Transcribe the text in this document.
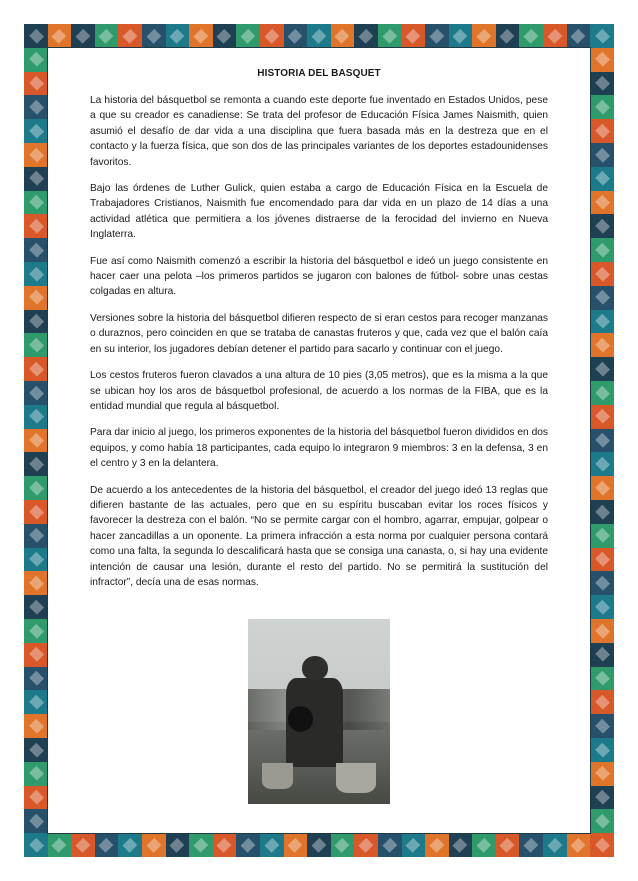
HISTORIA DEL BASQUET

La historia del básquetbol se remonta a cuando este deporte fue inventado en Estados Unidos, pese a que su creador es canadiense: Se trata del profesor de Educación Física James Naismith, quien asumió el desafío de dar vida a una disciplina que fuera basada más en la destreza que en el contacto y la fuerza física, que son dos de las principales variantes de los deportes estadounidenses favoritos.

Bajo las órdenes de Luther Gulick, quien estaba a cargo de Educación Física en la Escuela de Trabajadores Cristianos, Naismith fue encomendado para dar vida en un plazo de 14 días a una actividad atlética que permitiera a los jóvenes distraerse de la ferocidad del invierno en Nueva Inglaterra.

Fue así como Naismith comenzó a escribir la historia del básquetbol e ideó un juego consistente en hacer caer una pelota –los primeros partidos se jugaron con balones de fútbol- sobre unas cestas colgadas en altura.

Versiones sobre la historia del básquetbol difieren respecto de si eran cestos para recoger manzanas o duraznos, pero coinciden en que se trataba de canastas fruteros y que, cada vez que el balón caía en su interior, los jugadores debían detener el partido para sacarlo y continuar con el juego.

Los cestos fruteros fueron clavados a una altura de 10 pies (3,05 metros), que es la misma a la que se ubican hoy los aros de básquetbol profesional, de acuerdo a los normas de la FIBA, que es la entidad mundial que regula al básquetbol.

Para dar inicio al juego, los primeros exponentes de la historia del básquetbol fueron divididos en dos equipos, y como había 18 participantes, cada equipo lo integraron 9 miembros: 3 en la defensa, 3 en el centro y 3 en la delantera.

De acuerdo a los antecedentes de la historia del básquetbol, el creador del juego ideó 13 reglas que difieren bastante de las actuales, pero que en su espíritu buscaban evitar los roces físicos y favorecer la destreza con el balón. “No se permite cargar con el hombro, agarrar, empujar, golpear o hacer zancadillas a un oponente. La primera infracción a esta norma por cualquier persona contará como una falta, la segunda lo descalificará hasta que se consiga una canasta, o, si hay una evidente intención de causar una lesión, durante el resto del partido. No se permitirá la sustitución del infractor”, decía una de esas normas.
